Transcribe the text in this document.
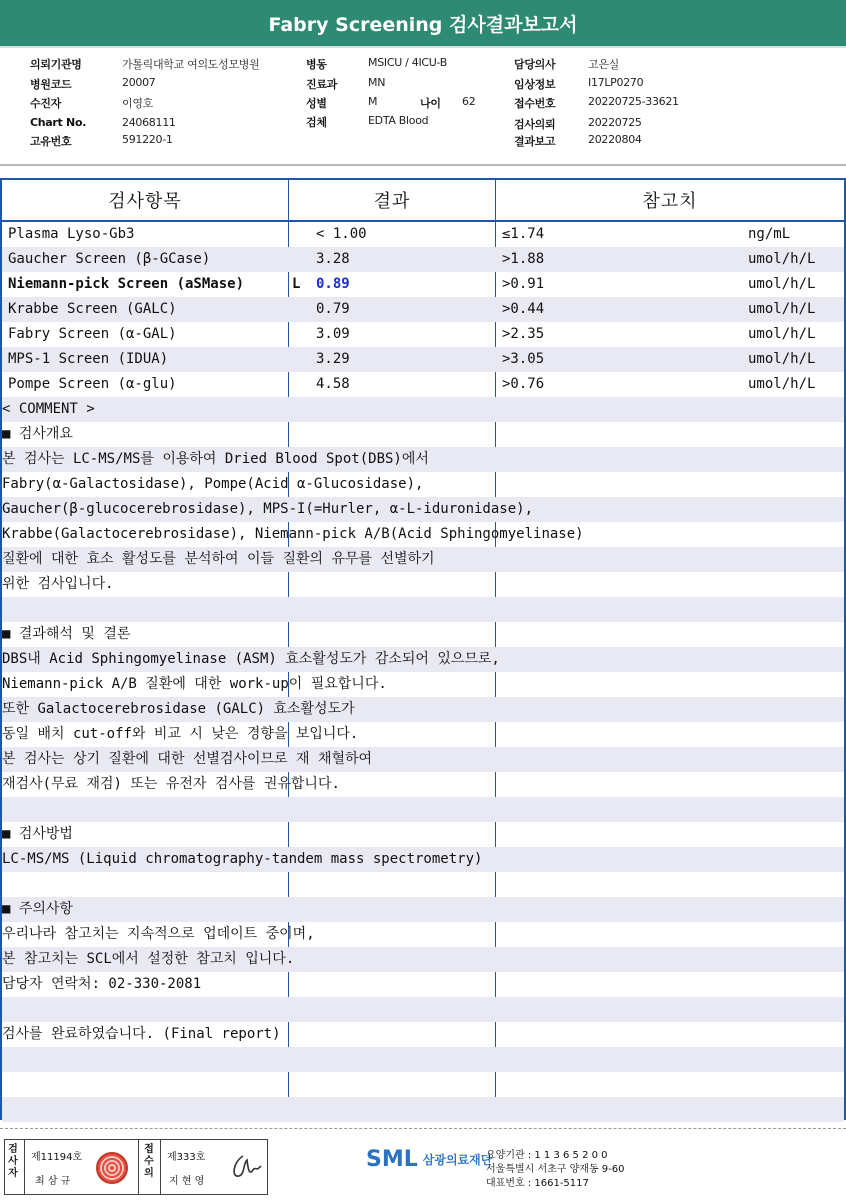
Fabry Screening 검사결과보고서
의뢰기관명	가톨릭대학교 여의도성모병원
병원코드	20007
수진자	이영호
Chart No.	24068111
고유번호	591220-1
병동	MSICU / 4ICU-B
진료과	MN
성별	M	나이 62
검체	EDTA Blood
담당의사	고은실
임상정보	I17LP0270
접수번호	20220725-33621
검사의뢰	20220725
결과보고	20220804
검사항목	결과	참고치
Plasma Lyso-Gb3	< 1.00	≤1.74	ng/mL
Gaucher Screen (β-GCase)	3.28	>1.88	umol/h/L
Niemann-pick Screen (aSMase)	L 0.89	>0.91	umol/h/L
Krabbe Screen (GALC)	0.79	>0.44	umol/h/L
Fabry Screen (α-GAL)	3.09	>2.35	umol/h/L
MPS-1 Screen (IDUA)	3.29	>3.05	umol/h/L
Pompe Screen (α-glu)	4.58	>0.76	umol/h/L
< COMMENT >
■ 검사개요
본 검사는 LC-MS/MS를 이용하여 Dried Blood Spot(DBS)에서
Fabry(α-Galactosidase), Pompe(Acid α-Glucosidase),
Gaucher(β-glucocerebrosidase), MPS-I(=Hurler, α-L-iduronidase),
Krabbe(Galactocerebrosidase), Niemann-pick A/B(Acid Sphingomyelinase)
질환에 대한 효소 활성도를 분석하여 이들 질환의 유무를 선별하기
위한 검사입니다.
■ 결과해석 및 결론
DBS내 Acid Sphingomyelinase (ASM) 효소활성도가 감소되어 있으므로,
Niemann-pick A/B 질환에 대한 work-up이 필요합니다.
또한 Galactocerebrosidase (GALC) 효소활성도가
동일 배치 cut-off와 비교 시 낮은 경향을 보입니다.
본 검사는 상기 질환에 대한 선별검사이므로 재 채혈하여
재검사(무료 재검) 또는 유전자 검사를 권유합니다.
■ 검사방법
LC-MS/MS (Liquid chromatography-tandem mass spectrometry)
■ 주의사항
우리나라 참고치는 지속적으로 업데이트 중이며,
본 참고치는 SCL에서 설정한 참고치 입니다.
담당자 연락처: 02-330-2081
검사를 완료하였습니다. (Final report)
검
사
자
제11194호
최 삼 규
접
수
의
제333호
지 현 영
SML 삼광의료재단
요양기관 : 1 1 3 6 5 2 0 0
서울특별시 서초구 양재동 9-60
대표번호 : 1661-5117
